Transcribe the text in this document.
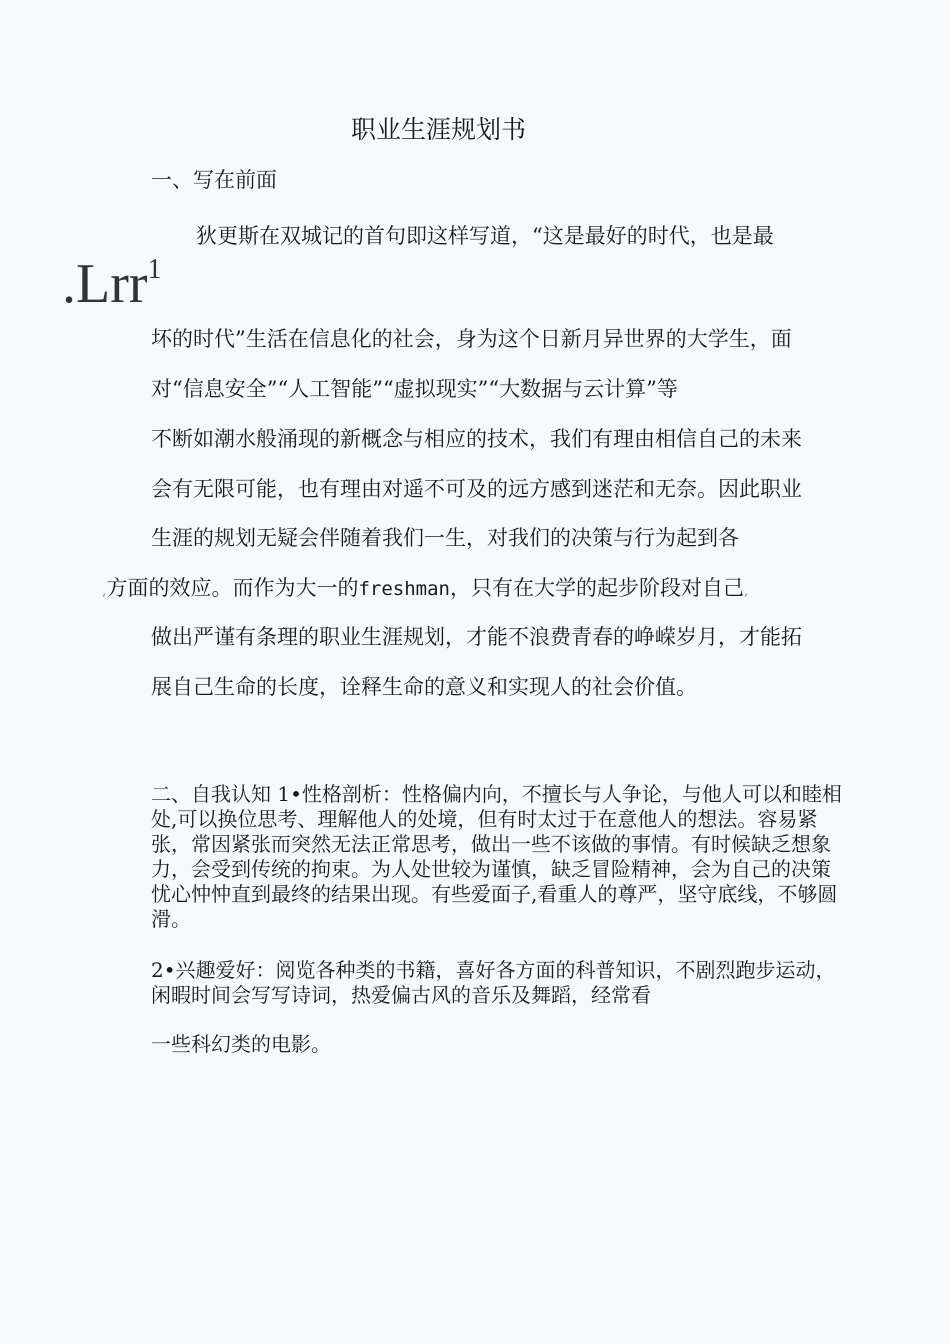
职业生涯规划书
一、写在前面
.Lrr$^1$
狄更斯在双城记的首句即这样写道，“这是最好的时代，也是最
坏的时代”生活在信息化的社会，身为这个日新月异世界的大学生，面
对“信息安全”“人工智能”“虚拟现实”“大数据与云计算”等
不断如潮水般涌现的新概念与相应的技术，我们有理由相信自己的未来
会有无限可能，也有理由对遥不可及的远方感到迷茫和无奈。因此职业
生涯的规划无疑会伴随着我们一生，对我们的决策与行为起到各
,方面的效应。而作为大一的freshman，只有在大学的起步阶段对自己,
做出严谨有条理的职业生涯规划，才能不浪费青春的峥嵘岁月，才能拓
展自己生命的长度，诠释生命的意义和实现人的社会价值。
二、自我认知 1•性格剖析：性格偏内向，不擅长与人争论，与他人可以和睦相处,可以换位思考、理解他人的处境，但有时太过于在意他人的想法。容易紧张，常因紧张而突然无法正常思考，做出一些不该做的事情。有时候缺乏想象力，会受到传统的拘束。为人处世较为谨慎，缺乏冒险精神，会为自己的决策忧心忡忡直到最终的结果出现。有些爱面子,看重人的尊严，坚守底线，不够圆滑。
2•兴趣爱好：阅览各种类的书籍，喜好各方面的科普知识，不剧烈跑步运动，闲暇时间会写写诗词，热爱偏古风的音乐及舞蹈，经常看
一些科幻类的电影。
